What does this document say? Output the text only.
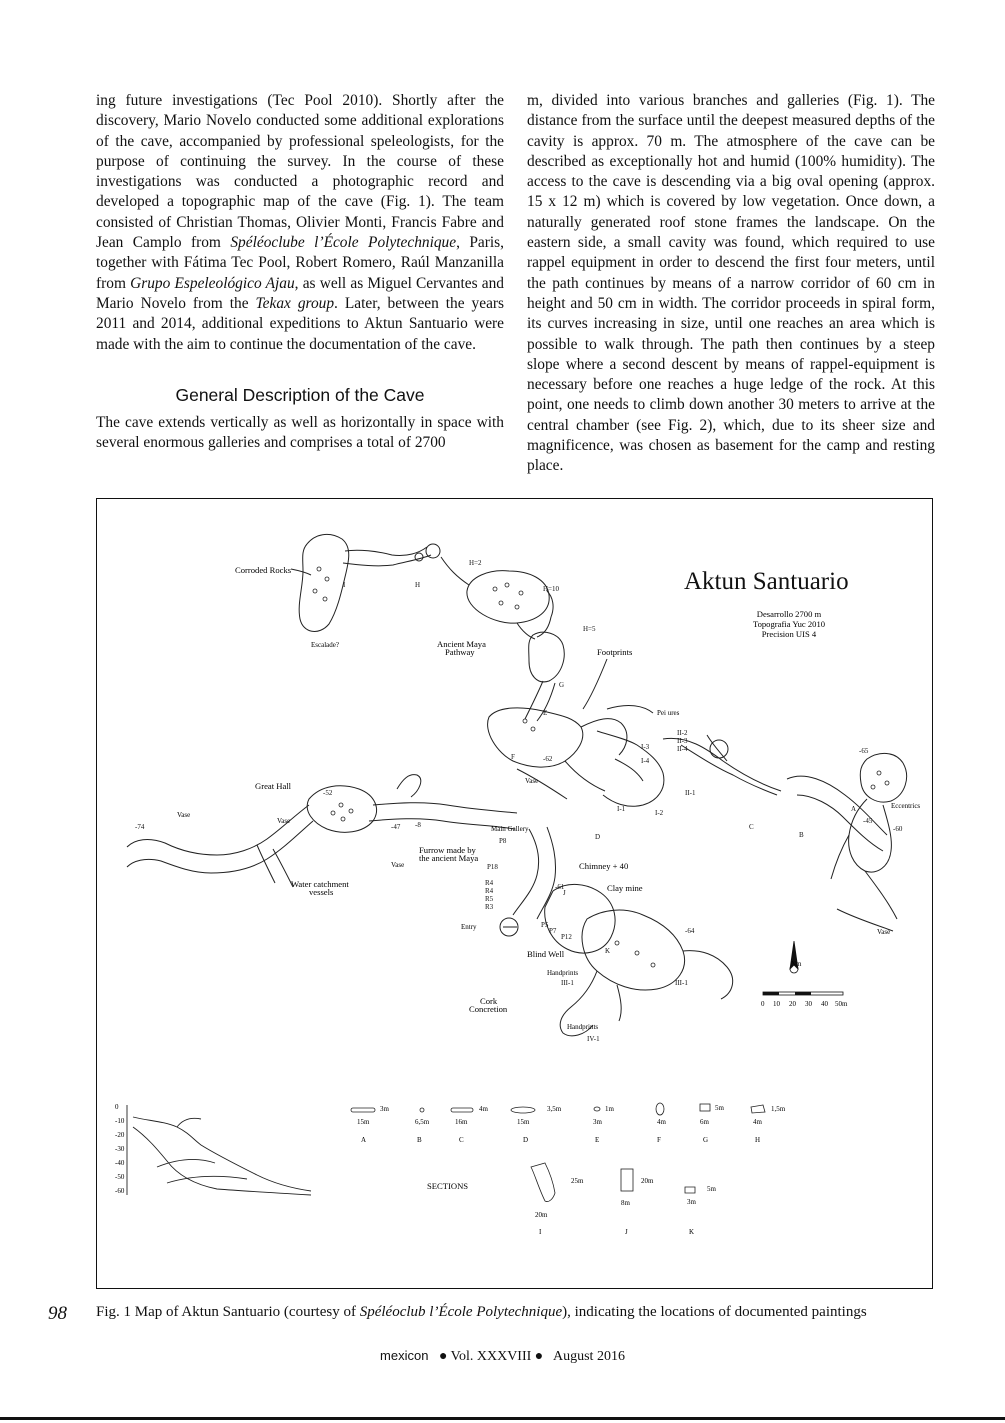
ing future investigations (Tec Pool 2010). Shortly after the discovery, Mario Novelo conducted some additional explorations of the cave, accompanied by professional speleologists, for the purpose of continuing the survey. In the course of these investigations was conducted a photographic record and developed a topographic map of the cave (Fig. 1). The team consisted of Christian Thomas, Olivier Monti, Francis Fabre and Jean Camplo from Spéléoclube l’École Polytechnique, Paris, together with Fátima Tec Pool, Robert Romero, Raúl Manzanilla from Grupo Espeleológico Ajau, as well as Miguel Cervantes and Mario Novelo from the Tekax group. Later, between the years 2011 and 2014, additional expeditions to Aktun Santuario were made with the aim to continue the documentation of the cave.

General Description of the Cave

The cave extends vertically as well as horizontally in space with several enormous galleries and comprises a total of 2700

m, divided into various branches and galleries (Fig. 1). The distance from the surface until the deepest measured depths of the cavity is approx. 70 m. The atmosphere of the cave can be described as exceptionally hot and humid (100% humidity). The access to the cave is descending via a big oval opening (approx. 15 x 12 m) which is covered by low vegetation. Once down, a naturally generated roof stone frames the landscape. On the eastern side, a small cavity was found, which required to use rappel equipment in order to descend the first four meters, until the path continues by means of a narrow corridor of 60 cm in height and 50 cm in width. The corridor proceeds in spiral form, its curves increasing in size, until one reaches an area which is possible to walk through. The path then continues by a steep slope where a second descent by means of rappel-equipment is necessary before one reaches a huge ledge of the rock. At this point, one needs to climb down another 30 meters to arrive at the central chamber (see Fig. 2), which, due to its sheer size and magnificence, was chosen as basement for the camp and resting place.

Aktun Santuario
Desarrollo 2700 m
Topografia Yuc 2010
Precision UIS 4
Corroded Rocks
Escalade?	Ancient Maya
Pathway	Footprints
Great Hall
Vase
Vase
Vase
Vase
Vase
Main Gallery
Furrow made by
the ancient Maya
Water catchment
vessels
Chimney + 40
Clay mine
Entry
Blind Well
Handprints
Handprints
Cork
Concretion
Eccentrics
Pei ures
H=2
H=10
H=5
H
I
G
E
F
A
B
C
D
J
K
P8
P18
P5
P7
P12
R4
R4
R5
R3
I-1	I-2
I-3
I-4
II-1
II-2
II-3
II-4
III-1	III-1
IV-1
-74
-52
-47
-62
-61
-64
-65
-60
-45
-8
Nm
0 10 20 30 40 50m
0
-10
-20
-30
-40
-50
-60	SECTIONS
15m
3m
6,5m	16m
4m
15m
3,5m
3m
1m
4m	6m
5m
4m
1,5m
20m
25m
8m
20m
3m
5m
A	B	C	D	E	F	G	H
I	J	K
98 Fig. 1 Map of Aktun Santuario (courtesy of Spéléoclub l’École Polytechnique), indicating the locations of documented paintings
mexicon ● Vol. XXXVIII ● August 2016
